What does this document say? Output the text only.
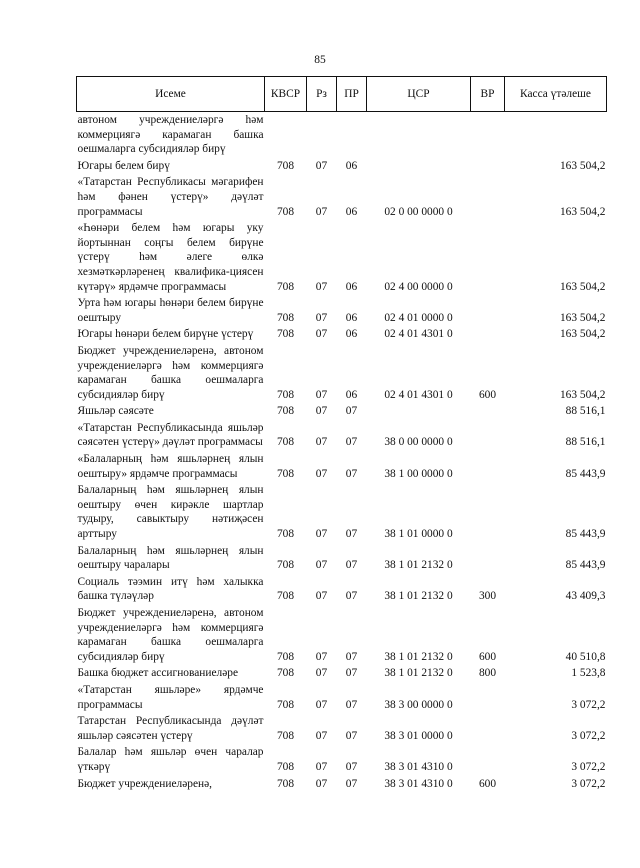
85
Исеме	КВСР	Рз	ПР	ЦСР	ВР	Касса үтәлеше
автоном учреждениеләргә һәм коммерциягә карамаган башка оешмаларга субсидияләр бирү						
Югары белем бирү	708	07	06			163 504,2
«Татарстан Республикасы мәгарифен һәм фәнен үстерү» дәүләт программасы	708	07	06	02 0 00 0000 0		163 504,2
«Һөнәри белем һәм югары уку йортыннан соңгы белем бирүне үстерү һәм әлеге өлкә хезмәткәрләренең квалифика-циясен күтәрү» ярдәмче программасы	708	07	06	02 4 00 0000 0		163 504,2
Урта һәм югары һөнәри белем бирүне оештыру	708	07	06	02 4 01 0000 0		163 504,2
Югары һөнәри белем бирүне үстерү	708	07	06	02 4 01 4301 0		163 504,2
Бюджет учреждениеләренә, автоном учреждениеләргә һәм коммерциягә карамаган башка оешмаларга субсидияләр бирү	708	07	06	02 4 01 4301 0	600	163 504,2
Яшьләр сәясәте	708	07	07			88 516,1
«Татарстан Республикасында яшьләр сәясәтен үстерү» дәүләт программасы	708	07	07	38 0 00 0000 0		88 516,1
«Балаларның һәм яшьләрнең ялын оештыру» ярдәмче программасы	708	07	07	38 1 00 0000 0		85 443,9
Балаларның һәм яшьләрнең ялын оештыру өчен кирәкле шартлар тудыру, савыктыру нәтиҗәсен арттыру	708	07	07	38 1 01 0000 0		85 443,9
Балаларның һәм яшьләрнең ялын оештыру чаралары	708	07	07	38 1 01 2132 0		85 443,9
Социаль тәэмин итү һәм халыкка башка түләүләр	708	07	07	38 1 01 2132 0	300	43 409,3
Бюджет учреждениеләренә, автоном учреждениеләргә һәм коммерциягә карамаган башка оешмаларга субсидияләр бирү	708	07	07	38 1 01 2132 0	600	40 510,8
Башка бюджет ассигнованиеләре	708	07	07	38 1 01 2132 0	800	1 523,8
«Татарстан яшьләре» ярдәмче программасы	708	07	07	38 3 00 0000 0		3 072,2
Татарстан Республикасында дәүләт яшьләр сәясәтен үстерү	708	07	07	38 3 01 0000 0		3 072,2
Балалар һәм яшьләр өчен чаралар үткәрү	708	07	07	38 3 01 4310 0		3 072,2
Бюджет учреждениеләренә,	708	07	07	38 3 01 4310 0	600	3 072,2
